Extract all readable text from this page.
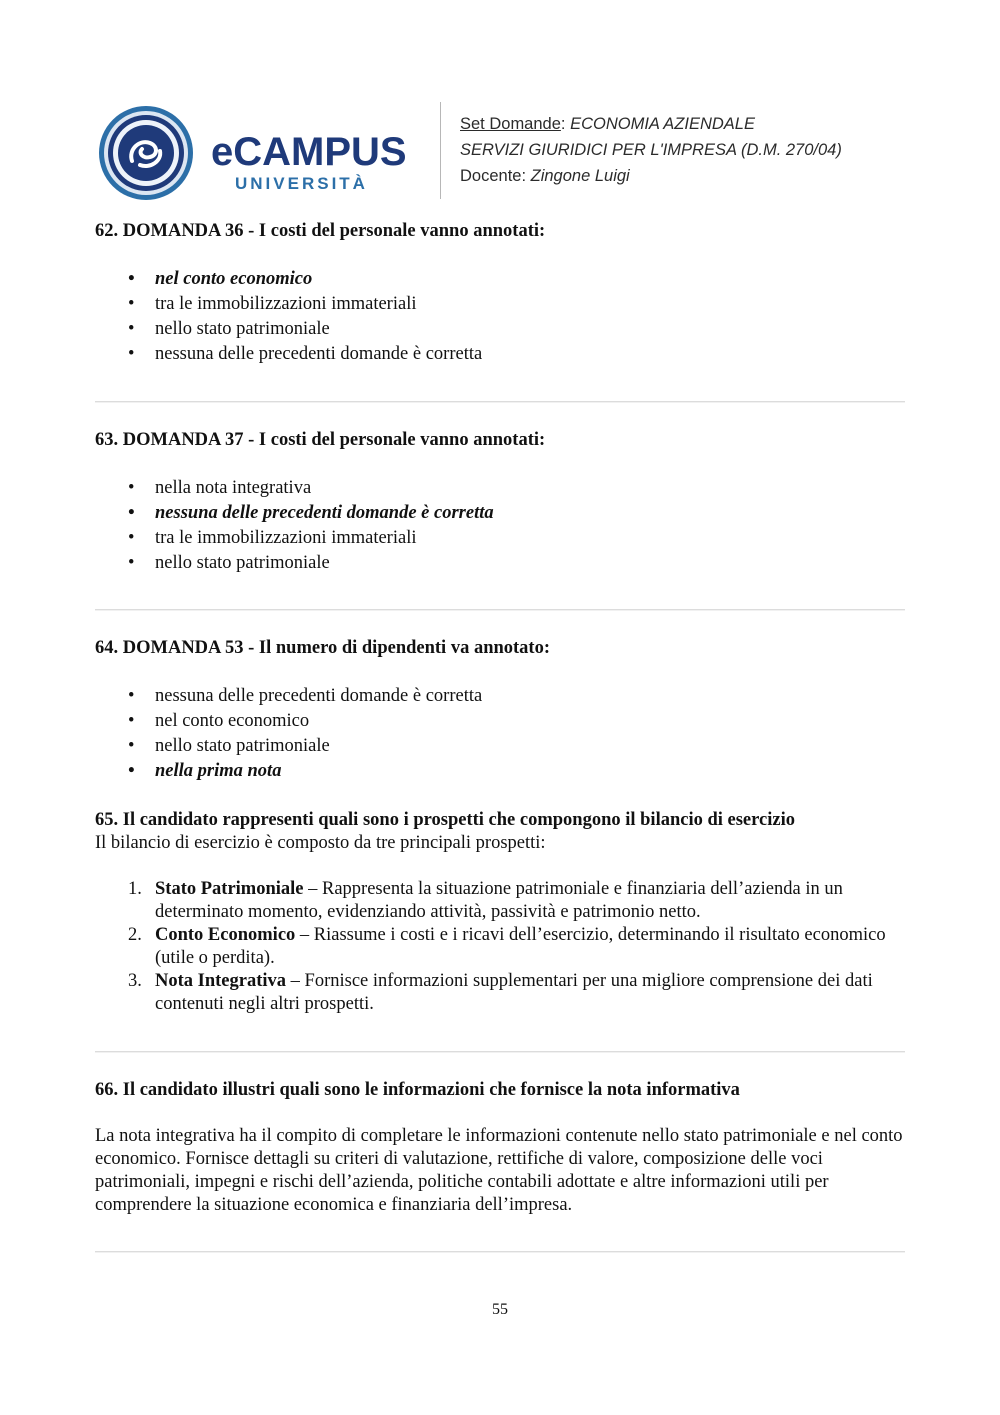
eCAMPUS
UNIVERSITÀ
Set Domande: ECONOMIA AZIENDALE
SERVIZI GIURIDICI PER L'IMPRESA (D.M. 270/04)
Docente: Zingone Luigi

62. DOMANDA 36 - I costi del personale vanno annotati:

• nel conto economico
• tra le immobilizzazioni immateriali
• nello stato patrimoniale
• nessuna delle precedenti domande è corretta

63. DOMANDA 37 - I costi del personale vanno annotati:

• nella nota integrativa
• nessuna delle precedenti domande è corretta
• tra le immobilizzazioni immateriali
• nello stato patrimoniale

64. DOMANDA 53 - Il numero di dipendenti va annotato:

• nessuna delle precedenti domande è corretta
• nel conto economico
• nello stato patrimoniale
• nella prima nota

65. Il candidato rappresenti quali sono i prospetti che compongono il bilancio di esercizio

Il bilancio di esercizio è composto da tre principali prospetti:

1. Stato Patrimoniale – Rappresenta la situazione patrimoniale e finanziaria dell’azienda in un determinato momento, evidenziando attività, passività e patrimonio netto.
2. Conto Economico – Riassume i costi e i ricavi dell’esercizio, determinando il risultato economico (utile o perdita).
3. Nota Integrativa – Fornisce informazioni supplementari per una migliore comprensione dei dati contenuti negli altri prospetti.

66. Il candidato illustri quali sono le informazioni che fornisce la nota informativa

La nota integrativa ha il compito di completare le informazioni contenute nello stato patrimoniale e nel conto economico. Fornisce dettagli su criteri di valutazione, rettifiche di valore, composizione delle voci patrimoniali, impegni e rischi dell’azienda, politiche contabili adottate e altre informazioni utili per comprendere la situazione economica e finanziaria dell’impresa.

55
